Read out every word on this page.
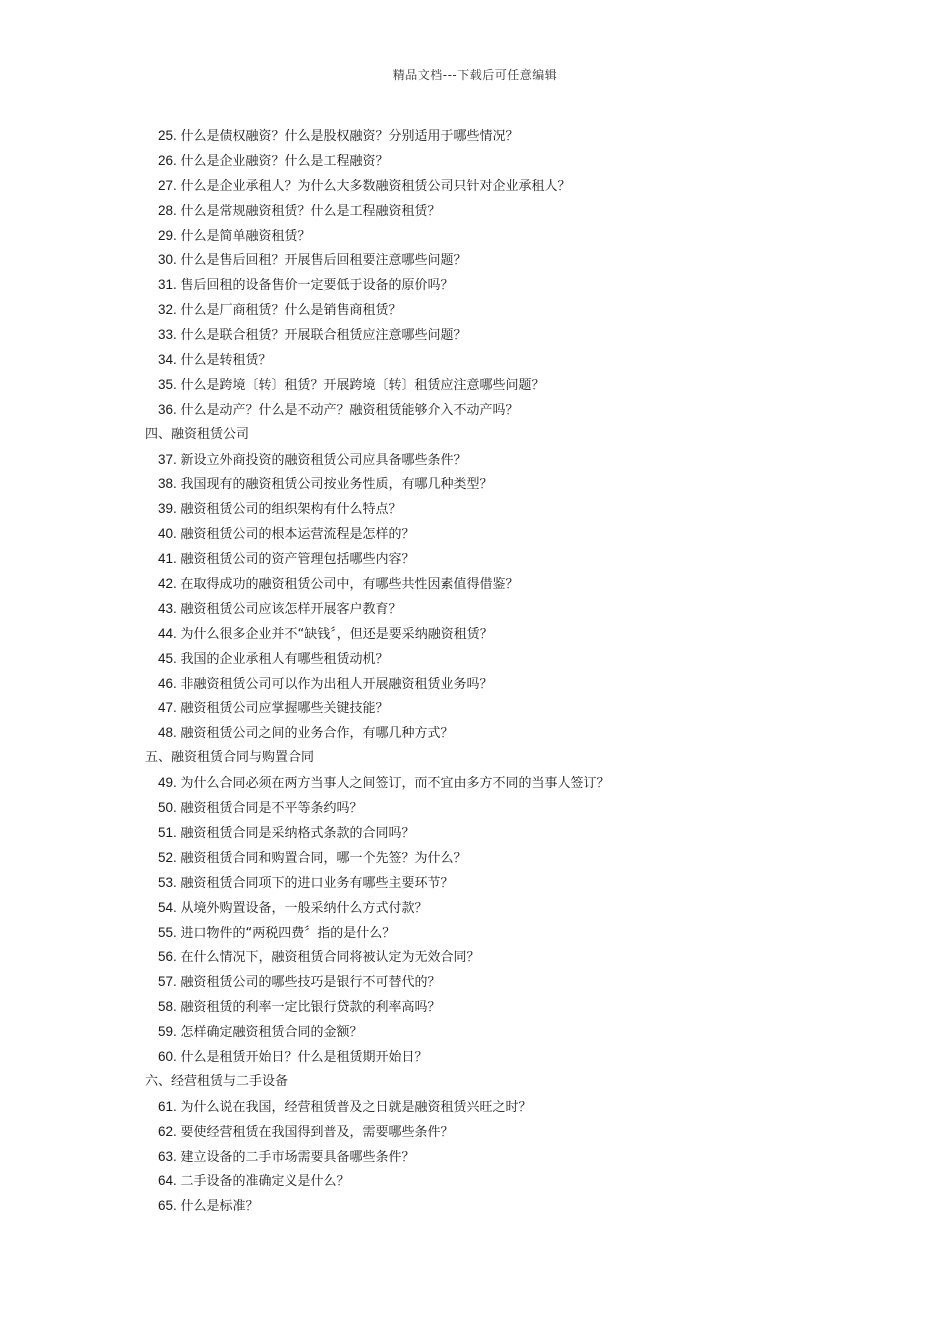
精品文档---下载后可任意编辑
25. 什么是债权融资？什么是股权融资？分别适用于哪些情况？
26. 什么是企业融资？什么是工程融资？
27. 什么是企业承租人？为什么大多数融资租赁公司只针对企业承租人？
28. 什么是常规融资租赁？什么是工程融资租赁？
29. 什么是简单融资租赁？
30. 什么是售后回租？开展售后回租要注意哪些问题？
31. 售后回租的设备售价一定要低于设备的原价吗？
32. 什么是厂商租赁？什么是销售商租赁？
33. 什么是联合租赁？开展联合租赁应注意哪些问题？
34. 什么是转租赁？
35. 什么是跨境〔转〕租赁？开展跨境〔转〕租赁应注意哪些问题？
36. 什么是动产？什么是不动产？融资租赁能够介入不动产吗？
四、融资租赁公司
37. 新设立外商投资的融资租赁公司应具备哪些条件？
38. 我国现有的融资租赁公司按业务性质，有哪几种类型？
39. 融资租赁公司的组织架构有什么特点？
40. 融资租赁公司的根本运营流程是怎样的？
41. 融资租赁公司的资产管理包括哪些内容？
42. 在取得成功的融资租赁公司中，有哪些共性因素值得借鉴？
43. 融资租赁公司应该怎样开展客户教育？
44. 为什么很多企业并不“缺钱〞，但还是要采纳融资租赁？
45. 我国的企业承租人有哪些租赁动机？
46. 非融资租赁公司可以作为出租人开展融资租赁业务吗？
47. 融资租赁公司应掌握哪些关键技能？
48. 融资租赁公司之间的业务合作，有哪几种方式？
五、融资租赁合同与购置合同
49. 为什么合同必须在两方当事人之间签订，而不宜由多方不同的当事人签订？
50. 融资租赁合同是不平等条约吗？
51. 融资租赁合同是采纳格式条款的合同吗？
52. 融资租赁合同和购置合同，哪一个先签？为什么？
53. 融资租赁合同项下的进口业务有哪些主要环节？
54. 从境外购置设备，一般采纳什么方式付款？
55. 进口物件的“两税四费〞指的是什么？
56. 在什么情况下，融资租赁合同将被认定为无效合同？
57. 融资租赁公司的哪些技巧是银行不可替代的？
58. 融资租赁的利率一定比银行贷款的利率高吗？
59. 怎样确定融资租赁合同的金额？
60. 什么是租赁开始日？什么是租赁期开始日？
六、经营租赁与二手设备
61. 为什么说在我国，经营租赁普及之日就是融资租赁兴旺之时？
62. 要使经营租赁在我国得到普及，需要哪些条件？
63. 建立设备的二手市场需要具备哪些条件？
64. 二手设备的准确定义是什么？
65. 什么是标准？
